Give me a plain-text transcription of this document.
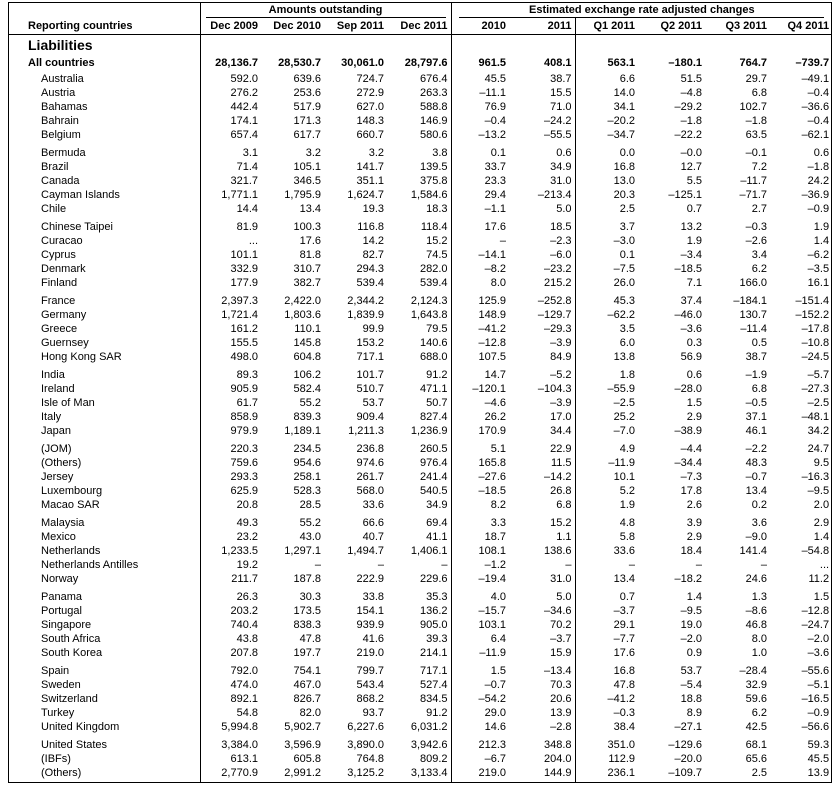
	Amounts outstanding				Estimated exchange rate adjusted changes					
Reporting countries	Dec 2009	Dec 2010	Sep 2011	Dec 2011	2010	2011	Q1 2011	Q2 2011	Q3 2011	Q4 2011
Liabilities										
All countries	28,136.7	28,530.7	30,061.0	28,797.6	961.5	408.1	563.1	–180.1	764.7	–739.7
Australia	592.0	639.6	724.7	676.4	45.5	38.7	6.6	51.5	29.7	–49.1
Austria	276.2	253.6	272.9	263.3	–11.1	15.5	14.0	–4.8	6.8	–0.4
Bahamas	442.4	517.9	627.0	588.8	76.9	71.0	34.1	–29.2	102.7	–36.6
Bahrain	174.1	171.3	148.3	146.9	–0.4	–24.2	–20.2	–1.8	–1.8	–0.4
Belgium	657.4	617.7	660.7	580.6	–13.2	–55.5	–34.7	–22.2	63.5	–62.1

Bermuda	3.1	3.2	3.2	3.8	0.1	0.6	0.0	–0.0	–0.1	0.6
Brazil	71.4	105.1	141.7	139.5	33.7	34.9	16.8	12.7	7.2	–1.8
Canada	321.7	346.5	351.1	375.8	23.3	31.0	13.0	5.5	–11.7	24.2
Cayman Islands	1,771.1	1,795.9	1,624.7	1,584.6	29.4	–213.4	20.3	–125.1	–71.7	–36.9
Chile	14.4	13.4	19.3	18.3	–1.1	5.0	2.5	0.7	2.7	–0.9

Chinese Taipei	81.9	100.3	116.8	118.4	17.6	18.5	3.7	13.2	–0.3	1.9
Curacao	...	17.6	14.2	15.2	–	–2.3	–3.0	1.9	–2.6	1.4
Cyprus	101.1	81.8	82.7	74.5	–14.1	–6.0	0.1	–3.4	3.4	–6.2
Denmark	332.9	310.7	294.3	282.0	–8.2	–23.2	–7.5	–18.5	6.2	–3.5
Finland	177.9	382.7	539.4	539.4	8.0	215.2	26.0	7.1	166.0	16.1

France	2,397.3	2,422.0	2,344.2	2,124.3	125.9	–252.8	45.3	37.4	–184.1	–151.4
Germany	1,721.4	1,803.6	1,839.9	1,643.8	148.9	–129.7	–62.2	–46.0	130.7	–152.2
Greece	161.2	110.1	99.9	79.5	–41.2	–29.3	3.5	–3.6	–11.4	–17.8
Guernsey	155.5	145.8	153.2	140.6	–12.8	–3.9	6.0	0.3	0.5	–10.8
Hong Kong SAR	498.0	604.8	717.1	688.0	107.5	84.9	13.8	56.9	38.7	–24.5

India	89.3	106.2	101.7	91.2	14.7	–5.2	1.8	0.6	–1.9	–5.7
Ireland	905.9	582.4	510.7	471.1	–120.1	–104.3	–55.9	–28.0	6.8	–27.3
Isle of Man	61.7	55.2	53.7	50.7	–4.6	–3.9	–2.5	1.5	–0.5	–2.5
Italy	858.9	839.3	909.4	827.4	26.2	17.0	25.2	2.9	37.1	–48.1
Japan	979.9	1,189.1	1,211.3	1,236.9	170.9	34.4	–7.0	–38.9	46.1	34.2

(JOM)	220.3	234.5	236.8	260.5	5.1	22.9	4.9	–4.4	–2.2	24.7
(Others)	759.6	954.6	974.6	976.4	165.8	11.5	–11.9	–34.4	48.3	9.5
Jersey	293.3	258.1	261.7	241.4	–27.6	–14.2	10.1	–7.3	–0.7	–16.3
Luxembourg	625.9	528.3	568.0	540.5	–18.5	26.8	5.2	17.8	13.4	–9.5
Macao SAR	20.8	28.5	33.6	34.9	8.2	6.8	1.9	2.6	0.2	2.0

Malaysia	49.3	55.2	66.6	69.4	3.3	15.2	4.8	3.9	3.6	2.9
Mexico	23.2	43.0	40.7	41.1	18.7	1.1	5.8	2.9	–9.0	1.4
Netherlands	1,233.5	1,297.1	1,494.7	1,406.1	108.1	138.6	33.6	18.4	141.4	–54.8
Netherlands Antilles	19.2	–	–	–	–1.2	–	–	–	–	...
Norway	211.7	187.8	222.9	229.6	–19.4	31.0	13.4	–18.2	24.6	11.2

Panama	26.3	30.3	33.8	35.3	4.0	5.0	0.7	1.4	1.3	1.5
Portugal	203.2	173.5	154.1	136.2	–15.7	–34.6	–3.7	–9.5	–8.6	–12.8
Singapore	740.4	838.3	939.9	905.0	103.1	70.2	29.1	19.0	46.8	–24.7
South Africa	43.8	47.8	41.6	39.3	6.4	–3.7	–7.7	–2.0	8.0	–2.0
South Korea	207.8	197.7	219.0	214.1	–11.9	15.9	17.6	0.9	1.0	–3.6

Spain	792.0	754.1	799.7	717.1	1.5	–13.4	16.8	53.7	–28.4	–55.6
Sweden	474.0	467.0	543.4	527.4	–0.7	70.3	47.8	–5.4	32.9	–5.1
Switzerland	892.1	826.7	868.2	834.5	–54.2	20.6	–41.2	18.8	59.6	–16.5
Turkey	54.8	82.0	93.7	91.2	29.0	13.9	–0.3	8.9	6.2	–0.9
United Kingdom	5,994.8	5,902.7	6,227.6	6,031.2	14.6	–2.8	38.4	–27.1	42.5	–56.6

United States	3,384.0	3,596.9	3,890.0	3,942.6	212.3	348.8	351.0	–129.6	68.1	59.3
(IBFs)	613.1	605.8	764.8	809.2	–6.7	204.0	112.9	–20.0	65.6	45.5
(Others)	2,770.9	2,991.2	3,125.2	3,133.4	219.0	144.9	236.1	–109.7	2.5	13.9
